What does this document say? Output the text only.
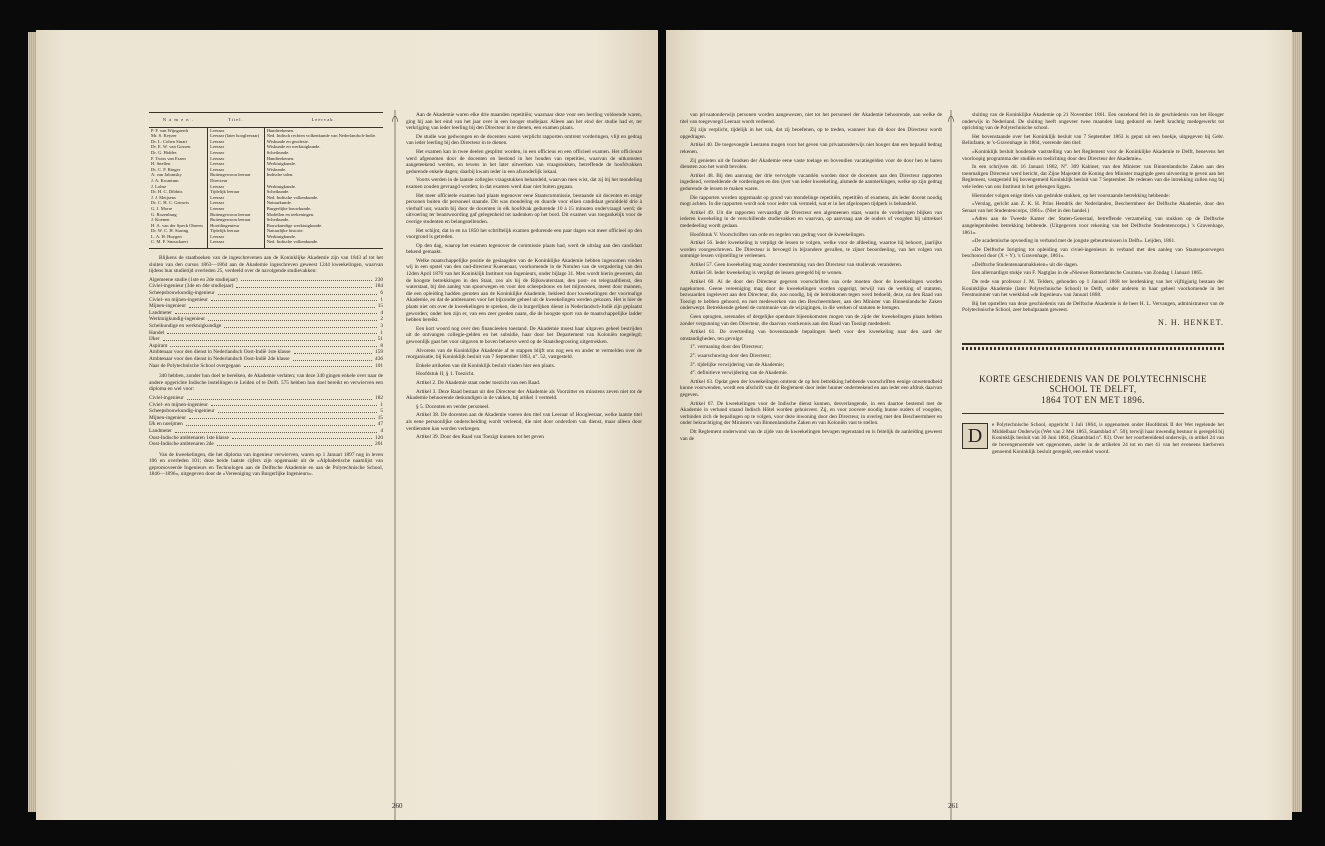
N a m e n .	Titel.	Leervak.
P. F. van Wijngaerdt	Leeraar	Handteekenen.
Mr. S. Keyzer	Leeraar (later hoogleeraar)	Ned. Indisch rechten volkenkunde van Nederlandsch-Indie.
Dr. L. Cohen Stuart	Leeraar	Wiskunde en geodesie.
Dr. E. W. van Gossen	Leeraar	Wiskunde en werktuigkunde.
Dr. G. Hiddes	Leeraar	Scheikunde.
F. Twiss van Essen	Leeraar	Handteekenen.
H. Snellen	Leeraar	Werktuigkunde.
Dr. C. F. Ringer	Leeraar	Wiskunde.
A. van Jalomsky	Buitengewoon leeraar	Indische talen.
J. A. Kwantum	Directeur	
J. Lohse	Leeraar	Werktuigkunde.
Dr. H. C. Dibbits	Tijdelijk leeraar	Scheikunde.
J. J. Meijsens	Leeraar	Ned. Indische volkenkunde.
Dr. C. H. C. Grinwis	Leeraar	Natuurkunde.
G. J. Morre	Leeraar	Burgerlijke bouwkunde.
G. Rozenburg	Buitengewoon leeraar	Modellen en teekeningen.
J. Koenen	Buitengewoon leeraar	Scheikunde.
H. A. van der Speck Obreen	Hoofdingenieur	Bouwkundige werktuigkunde.
Dr. W. C. H. Staring	Tijdelijk leeraar	Natuurlijke historie.
L. A. H. Huygen	Leeraar	Werktuigkunde.
C. M. F. Snouckaert	Leeraar	Ned. Indische volkenkunde.

Blijkens de staatboeken van de ingeschrevenen aan de Koninklijke Akademie zijn van 1843 af tot het sluiten van den cursus 1863—1864 aan de Akademie ingeschreven geweest 1244 kweekelingen, waarvan tijdens hun studietijd overleden 25, verdeeld over de navolgende studievakken:

Algemeene studie (1ste en 2de studiejaar)	230
Civiel-ingenieur (3de en 4de studiejaar)	184
Scheepsbouwkundig-ingenieur	6
Civiel- en mijnen-ingenieur	1
Mijnen-ingenieur	15
Landmeter	4
Werktuigkundig-ingenieur	2
Scheikundige en werktuigkundige	3
Handel	1
IJker	51
Aspirant	8
Ambtenaar voor den dienst in Nederlandsch Oost-Indië 1ste klasse	159
Ambtenaar voor den dienst in Nederlandsch Oost-Indië 2de klasse	436
Naar de Polytechnische School overgegaan	101

340 hebben, zonder hun doel te bereiken, de Akademie verlaten; van deze 340 gingen enkele over naar de andere opgerichte Indische instellingen te Leiden of te Delft. 575 hebben hun doel bereikt en verwierven een diploma en wel voor:

Civiel-ingenieur	182
Civiel- en mijnen-ingenieur	1
Scheepsbouwkundig-ingenieur	5
Mijnen-ingenieur	15
IJk en noeijmen	47
Landmeter	4
Oost-Indische ambtenaren 1ste klasse	120
Oost-Indische ambtenaren 2de	201

Van de kweekelingen, die het diploma van ingenieur verwierven, waren op 1 Januari 1897 nog in leven 106 en overleden 101; deze beide laatste cijfers zijn opgemaakt uit de »Alphabetische naamlijst van gepromoveerde Ingenieurs en Technologen aan de Delftsche Akademie en aan de Polytechnische School, 1846—1896«, uitgegeven door de »Vereeniging van Burgerlijke Ingenieurs«.

Aan de Akademie waren elke drie maanden repetitiën; waarnaar deze voor een leerling voldoende waren, ging hij aan het eind van het jaar over in een hooger studiejaar. Alleen aan het eind der studie had er, ter verkrijging van ieder leerling bij den Directeur in te dienen, een examen plaats.

De studie was gedwongen en de docenten waren verplicht rapporten omtrent vorderingen, vlijt en gedrag van ieder leerling bij den Directeur in te dienen.

Het examen kan in twee deelen gesplitst worden, in een officieus en een officieel examen. Het officieuze werd afgenomen door de docenten en bestond in het houden van repetities, waarvan de uitkomsten aangeteekend werden, en tevens in het later uitwerken van vraagstukken, betreffende de hoofdvakken gedurende enkele dagen; daarbij kwam ieder in een afzonderlijk lokaal.

Voorts werden in de laatste collegies vraagstukken behandeld, waarvan men wist, dat zij bij het mondeling examen zouden gevraagd worden; in dat examen werd daar niet buiten gegaan.

Het meer officieele examen had plaats tegenover eene Staatscommissie, bestaande uit docenten en enige personen buiten dit personeel staande. Dit was mondeling en duurde voor elken candidaat gemiddeld drie à vierhalf uur, waarin bij door de docenten in elk hoofdvak gedurende 10 à 15 minuten ondervraagd werd; de uitvoering ter beantwoording gaf gelegenheid tot nadenken op het bord. Dit examen was toegankelijk voor de overige studenten en belangstellenden.

Het schijnt, dat in en na 1850 het schriftelijk examen gedurende een paar dagen wat meer officieel op den voorgrond is getreden.

Op den dag, waarop het examen tegenover de commissie plaats had, werd de uitslag aan den candidaat bekend gemaakt.

Welke maatschappelijke positie de geslaagden van de Koninklijke Akademie hebben ingenomen vinden wij in een opstel van den oud-directeur Kuenenaar, voorkomende in de Notulen van de vergadering van den 12den April 1870 van het Koninklijk Instituut van Ingenieurs, onder bijlage 31. Men wordt hierin gewezen, dat de hoogste betrekkingen in den Staat, zoo als bij de Rijkswaterstaat, den post- en telegraafdienst, den waterstaat, bij den aanleg van spoorwegen en voor den scheepsbouw en het mijnwezen, meest door mannen, die een opleiding hadden genoten aan de Koninklijke Akademie, bekleed door kweekelingen der voormalige Akademie, en dat de ambtenaren voor het bijzonder geheel uit de kweekelingen werden gekozen. Het is hier de plaats niet om over de kweekelingen te spreken, die in burgerlijken dienst in Nederlandsch-Indië zijn geplaatst geworden; onder hen zijn er, van een zeer goeden naam, die de hoogste sport van de maatschappelijke ladder hebben bereikt.

Een kort woord nog over den financieelen toestand. De Akademie moest haar uitgaven geheel bestrijden uit de ontvangen collegie-gelden en het subsidie, haar door het Departement van Koloniën toegelegd; gewoonlijk gaat het voor uitgaven te boven behoeve werd op de Staatsbegrooting uitgetrokken.

Alvorens van de Koninklijke Akademie af te stappen blijft ons nog een en ander te vermelden over de reorganisatie, bij Koninklijk besluit van 7 September 1863, n°. 52, vastgesteld.

Enkele artikelen van dit Koninklijk besluit vinden hier een plaats.

Hoofdstuk II, § 1. Toezicht.

Artikel 2. De Akademie staat onder toezicht van een Raad.

Artikel 3. Deze Raad bestaat uit den Directeur der Akademie als Voorzitter en minstens zeven niet tot de Akademie behoorende deskundigen in de vakken, bij artikel 1 vermeld.

§ 5. Docenten en verder personeel.

Artikel 38. De docenten aan de Akademie voeren den titel van Leeraar of Hoogleeraar, welke laatste titel als eene persoonlijke onderscheiding wordt verleend, die niet door onderdom van dienst, maar alleen door verdiensten kan worden verkregen.

Artikel 39. Door den Raad van Toezigt kunnen tot het geven

260

van privaatonderwijs personen worden aangewezen, niet tot het personeel der Akademie behoorende, aan welke de titel van toegevoegd Leeraar wordt verleend.

Zij zijn verplicht, tijdelijk in het vak, dat zij beoefenen, op te treden, wanneer hun dit door den Directeur wordt opgedragen.

Artikel 40. De toegevoegde Leeraren mogen voor het geven van privaatonderwijs niet hooger dan een bepaald bedrag rekenen.

Zij genieten uit de fondsen der Akademie eene vaste toelage en bovendien vacatiegelden voor de door hen te baren diensten zoo het wordt bevolen.

Artikel 48. Bij den aanvang der drie vervolgde vacantiën worden door de docenten aan den Directeur rapporten ingediend, vermeldende de vorderingen en den ijver van ieder kweekeling, alsmede de aanmerkingen, welke op zijn gedrag gedurende de lessen te maken waren.

Die rapporten worden opgemaakt op grond van mondelinge repetitiën, repetitiën of examens, als ieder docent noodig mogt achten. In die rapporten wordt ook voor ieder vak vermeld, wat er in het afgeloopen tijdperk is behandeld.

Artikel 49. Uit die rapporten vervaardigt de Directeur een algemeenen staat, waarin de vorderingen blijken van iederen kweekeling in de verschillende studievakken en waarvan, op aanvraag aan de ouders of voogden bij uittreksel mededeeling wordt gedaan.

Hoofdstuk V. Voorschriften van orde en regelen van gedrag voor de kweekelingen.

Artikel 56. Ieder kweekeling is verpligt de lessen te volgen, welke voor de afdeeling, waartoe hij behoort, jaarlijks worden voorgeschreven. De Directeur is bevoegd in bijzondere gevallen, te zijner beoordeeling, van het volgen van sommige lessen vrijstelling te verleenen.

Artikel 57. Geen kweekeling mag zonder toestemming van den Directeur van studievak veranderen.

Artikel 58. Ieder kweekeling is verpligt de lessen geregeld bij te wonen.

Artikel 60. Al de door den Directeur gegeven voorschriften van orde moeten door de kweekelingen worden nagekomen. Geene vereeniging mag door de kweekelingen worden opgerigt, terwijl van de werking of statuten, bezwaarden ingelevert aan den Directeur, die, zoo noodig, bij de betrokkenen tegen werd bedoeld, deze, na den Raad van Toezigt te hebben gehoord, en met medewerken van den Bescheermheer, aan den Minister van Binnenlandsche Zaken onderwerpt. Betrekkende geheel de communie van de wijzigingen, in die werken of statuten te brengen.

Geen optogten, serenades of dergelijke openbare bijeenkomsten mogen van de zijde der kweekelingen plaats hebben zonder vergunning van den Directeur, die daarvan voorkennis aan den Raad van Toezigt mededeelt.

Artikel 61. De overtreding van bovenstaande bepalingen heeft voor den kweekeling naar den aard der omstandigheden, ten gevolge:

1°. vermaning door den Directeur;

2°. waarschuwing door den Directeur;

3°. tijdelijke verwijdering van de Akademie;

4°. definitieve verwijdering van de Akademie.

Artikel 63. Opdat geen der kweekelingen omtrent de op hen betrekking hebbende voorschriften eenige onwetendheid kunne voorwenden, wordt een afschrift van dit Reglement door ieder hunner onderteekend en aan ieder een afdruk daarvan gegeven.

Artikel 67. De kweekelingen voor de Indische dienst kunnen, desverlangende, in een daartoe bestemd met de Akademie in verband staand Indisch Hôtel worden gehuisvest. Zij, en voor zoovere noodig hunne ouders of voogden, verbinden zich de bepalingen op te volgen, voor deze inwoning door den Directeur, in overleg met den Bescheermheer en onder bekrachtiging der Ministers van Binnenlandsche Zaken en van Koloniën vast te stellen.

Dit Reglement onderwond van de zijde van de kweekelingen bevogen tegenstand en is feitelijk de aanleiding geweest van de

sluiting van de Koninklijke Akademie op 21 November 1861. Een onzekend feit in de geschiedenis van het Hooger onderwijs in Nederland. De sluiting heeft ongeveer twee maanden lang geduurd en heeft krachtig medegewerkt tot oprichting van de Polytechnische school.

Het bovenstaande over het Koninklijk besluit van 7 September 1863 is geput uit een boekje, uitgegeven bij Gebr. Belinfante, te 's-Gravenhage in 1864, voerende den titel:

»Koninklijk besluit houdende vaststelling van het Reglement voor de Koninklijke Akademie te Delft, benevens het voorloopig programma der studiën en toelichting door den Directeur der Akademie«.

In een schrijven dd. 16 Januari 1862, N°. 309 Kabinet, van den Minister van Binnenlandsche Zaken aan den toenmaligen Directeur werd bericht, dat Zijne Majesteit de Koning den Minister magtigde geen uitvoering te geven aan het Reglement, vastgesteld bij bovengemeld Koninklijk besluit van 7 September. De redenen van die intrekking zullen nog bij vele leden van ons Instituut in het geheugen liggen.

Hieronder volgen enige titels van gedrukte stukken, op het voorstaande betrekking hebbende:

»Verslag, gericht aan Z. K. H. Prins Hendrik der Nederlanden, Beschermheer der Delftsche Akademie, door den Senaat van het Studentencorps, 1861«. (Niet in den handel.)

»Adres aan de Tweede Kamer der Staten-Generaal, betreffende verzameling van stukken op de Delftsche aangelegenheden betrekking hebbende. (Uitgegeven voor rekening van het Delftsche Studentencorps.) 's Gravenhage, 1861«.

»De academische opvoeding in verband met de jongste gebeurtenissen in Delft«. Leijden, 1861.

»De Delftsche Inrigting tot opleiding van civiel-ingenieurs in verband met den aanleg van Staatsspoorwegen beschouwd door (X + Y). 's Gravenhage, 1861«.

»Delftsche Studentenaanmakkeien« uit die dagen.

Een allernardigst stukje van F. Nagtglas in de »Nieuwe Rotterdamsche Courant« van Zondag 1 Januari 1865.

De rede van professor J. M. Telders, gehouden op 1 Januari 1868 ter herdenking van het vijftigjarig bestaan der Koninklijke Akademie (later Polytechnische School) te Delft, onder anderen in haar geheel voorkomende in het Feestnummer van het weekblad »de Ingenieur« van Januari 1868.

Bij het opstellen van deze geschiedenis van de Delftsche Akademie is de heer H. L. Vervangen, administrateur van de Polytechnische School, zeer behulpzaam geweest.

N. H. HENKET.
KORTE GESCHIEDENIS VAN DE POLYTECHNISCHE
SCHOOL TE DELFT,
1864 TOT EN MET 1896.
D	e Polytechnische School, opgericht 1 Juli 1864, is opgenomen onder Hoofdstuk II der Wet regelende het Middelbaar Onderwijs (Wet van 2 Mei 1863, Staatsblad n°. 50); terwijl haar inwendig bestuur is geregeld bij Koninklijk besluit van 30 Juni 1864, (Staatsblad n°. 83). Over het voorbereidend onderwijs, in artikel 24 van de bovengenoemde wet opgenomen, ander in de artikelen 24 tot en met 41 van het eveneens hierboven genoemd Koninklijk besluit geregeld, een enkel woord.
261
